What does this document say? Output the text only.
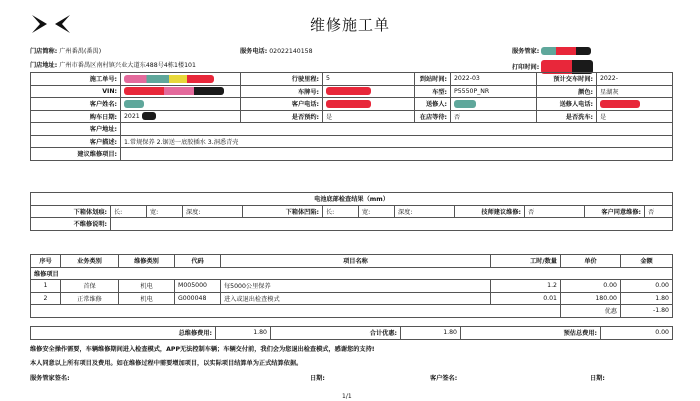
维修施工单
门店简称: 广州番禺(番禺)	服务电话: 02022140158	服务管家:
门店地址: 广州市番禺区南村镇兴业大道东488号4栋1楼101	打印时间:
施工单号:		行驶里程:	5	到站时间:	2022-03	预计交车时间:	2022-
VIN:		车牌号:		车型:	P5550P_NR	颜色:	星湖灰
客户姓名:		客户电话:		送修人:		送修人电话:	
购车日期:	2021	是否预约:	是	在店等待:	否	是否洗车:	是
客户地址:							
客户描述:	1.常规保养 2.锯送一底胶插水 3.洞悉青壳						
建议维修项目:							
电池底部检查结果（mm）											
下箱体划痕:	长:	宽:	深度:	下箱体凹陷:	长:	宽:	深度:	技师建议维修:	否	客户同意维修:	否
不维修说明:											
序号	业务类别	维修类别	代码	项目名称	工时/数量	单价	金额
维修项目							
1	首保	机电	M005000	每5000公里保养	1.2	0.00	0.00
2	正常维修	机电	G000048	进入或退出检查模式	0.01	180.00	1.80
						优惠	-1.80
总维修费用:	1.80	合计优惠:	1.80	预估总费用:	0.00
维修安全操作需要，车辆维修期间进入检查模式，APP无法控制车辆；车辆交付前，我们会为您退出检查模式，感谢您的支持!
本人同意以上所有项目及费用。如在维修过程中需要增加项目，以实际项目结算单为正式结算依据。
服务管家签名:	日期:	客户签名:	日期:
1/1
